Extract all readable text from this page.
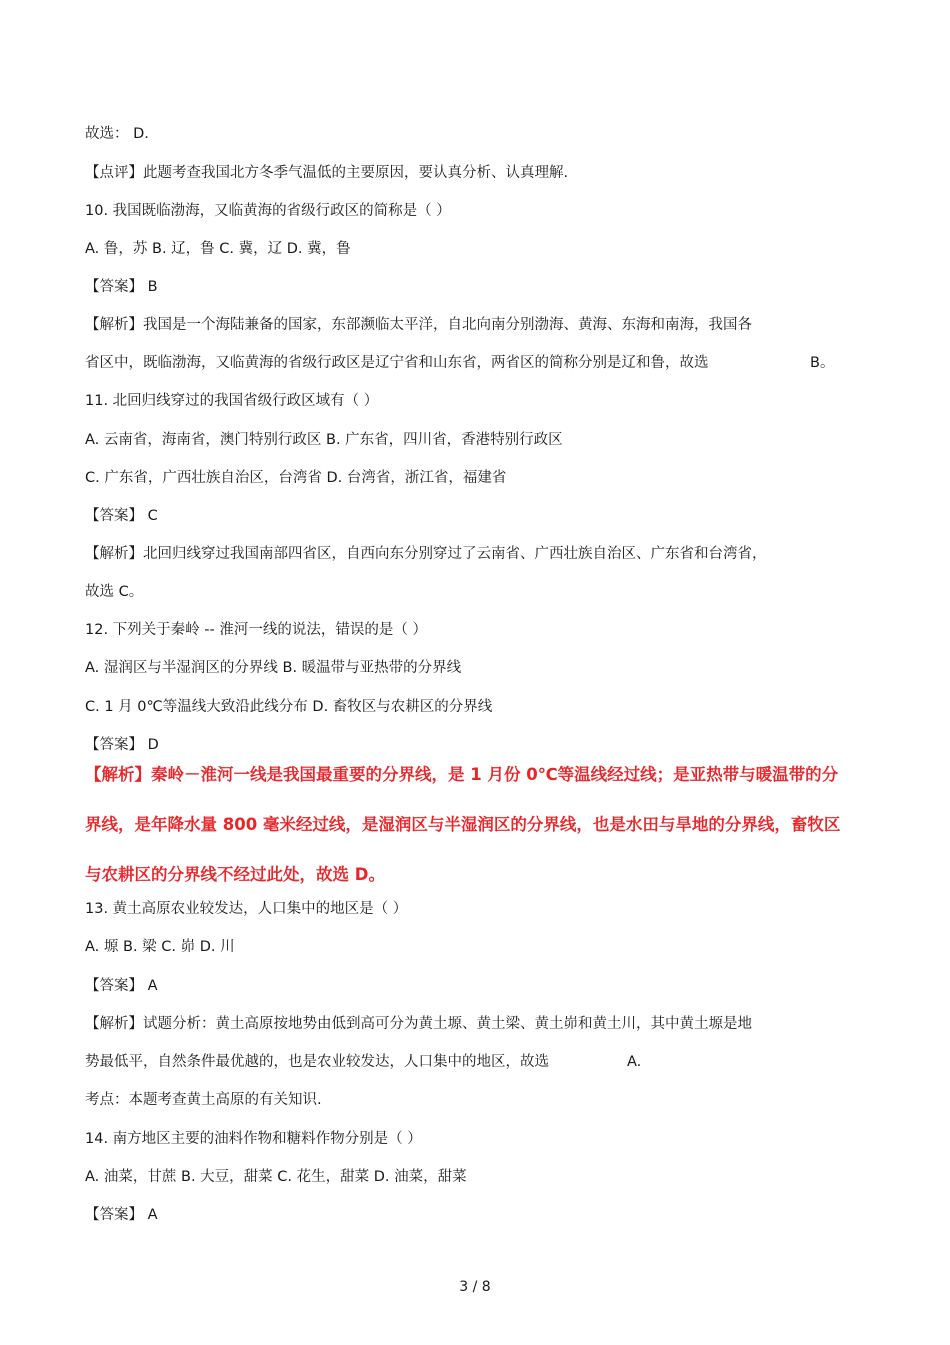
故选： D.
【点评】此题考查我国北方冬季气温低的主要原因，要认真分析、认真理解.
10. 我国既临渤海，又临黄海的省级行政区的简称是（ ）
A. 鲁，苏 B. 辽，鲁 C. 冀，辽 D. 冀，鲁
【答案】 B
【解析】我国是一个海陆兼备的国家，东部濒临太平洋，自北向南分别渤海、黄海、东海和南海，我国各
省区中，既临渤海，又临黄海的省级行政区是辽宁省和山东省，两省区的简称分别是辽和鲁，故选	B。
11. 北回归线穿过的我国省级行政区域有（ ）
A. 云南省，海南省，澳门特别行政区 B. 广东省，四川省，香港特别行政区
C. 广东省，广西壮族自治区，台湾省 D. 台湾省，浙江省，福建省
【答案】 C
【解析】北回归线穿过我国南部四省区，自西向东分别穿过了云南省、广西壮族自治区、广东省和台湾省，
故选 C。
12. 下列关于秦岭 -- 淮河一线的说法，错误的是（ ）
A. 湿润区与半湿润区的分界线 B. 暖温带与亚热带的分界线
C. 1 月 0℃等温线大致沿此线分布 D. 畜牧区与农耕区的分界线
【答案】 D
【解析】秦岭－淮河一线是我国最重要的分界线，是 1 月份 0℃等温线经过线；是亚热带与暖温带的分
界线，是年降水量 800 毫米经过线，是湿润区与半湿润区的分界线，也是水田与旱地的分界线，畜牧区
与农耕区的分界线不经过此处，故选 D。
13. 黄土高原农业较发达，人口集中的地区是（ ）
A. 塬 B. 梁 C. 峁 D. 川
【答案】 A
【解析】试题分析：黄土高原按地势由低到高可分为黄土塬、黄土梁、黄土峁和黄土川，其中黄土塬是地
势最低平，自然条件最优越的，也是农业较发达，人口集中的地区，故选	A.
考点：本题考查黄土高原的有关知识.
14. 南方地区主要的油料作物和糖料作物分别是（ ）
A. 油菜，甘蔗 B. 大豆，甜菜 C. 花生，甜菜 D. 油菜，甜菜
【答案】 A
3 / 8
